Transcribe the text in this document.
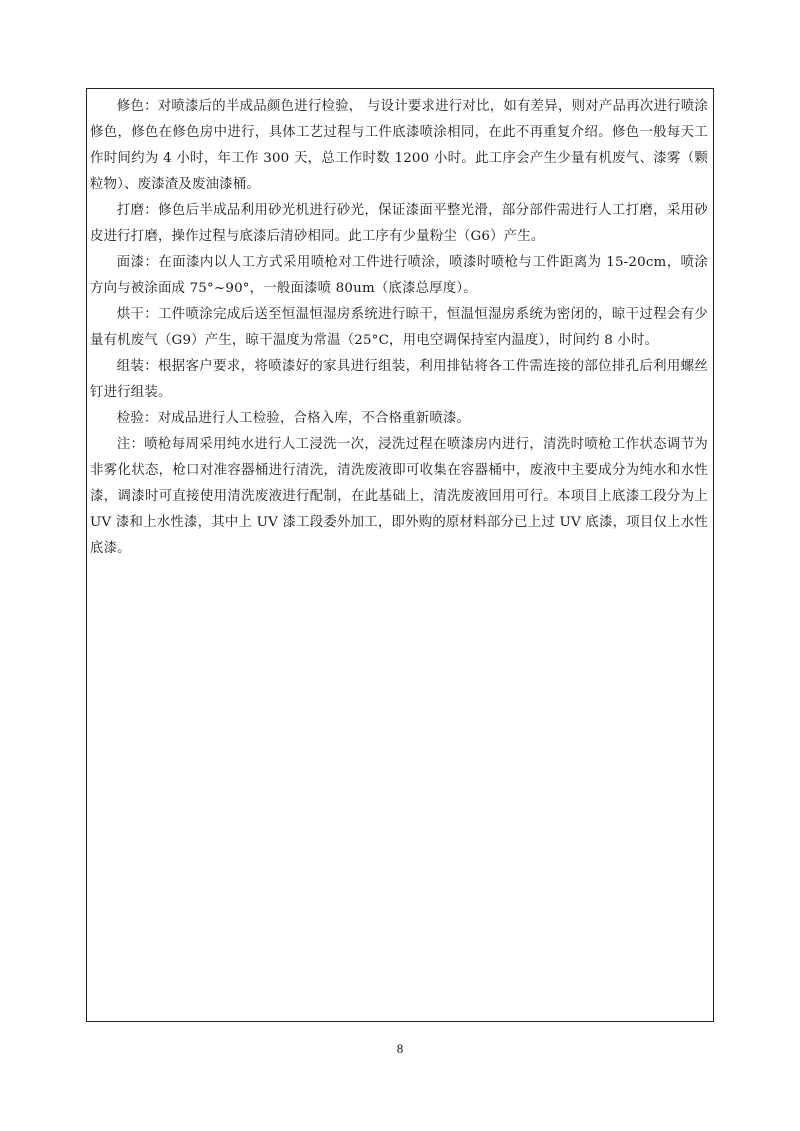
修色：对喷漆后的半成品颜色进行检验， 与设计要求进行对比，如有差异，则对产品再次进行喷涂修色，修色在修色房中进行，具体工艺过程与工件底漆喷涂相同，在此不再重复介绍。修色一般每天工作时间约为 4 小时，年工作 300 天，总工作时数 1200 小时。此工序会产生少量有机废气、漆雾（颗粒物）、废漆渣及废油漆桶。

打磨：修色后半成品利用砂光机进行砂光，保证漆面平整光滑，部分部件需进行人工打磨，采用砂皮进行打磨，操作过程与底漆后清砂相同。此工序有少量粉尘（G6）产生。

面漆：在面漆内以人工方式采用喷枪对工件进行喷涂，喷漆时喷枪与工件距离为 15-20cm，喷涂方向与被涂面成 75°~90°，一般面漆喷 80um（底漆总厚度）。

烘干：工件喷涂完成后送至恒温恒湿房系统进行晾干，恒温恒湿房系统为密闭的，晾干过程会有少量有机废气（G9）产生，晾干温度为常温（25°C，用电空调保持室内温度），时间约 8 小时。

组装：根据客户要求，将喷漆好的家具进行组装，利用排钻将各工件需连接的部位排孔后利用螺丝钉进行组装。

检验：对成品进行人工检验，合格入库，不合格重新喷漆。

注：喷枪每周采用纯水进行人工浸洗一次，浸洗过程在喷漆房内进行，清洗时喷枪工作状态调节为非雾化状态，枪口对准容器桶进行清洗，清洗废液即可收集在容器桶中，废液中主要成分为纯水和水性漆，调漆时可直接使用清洗废液进行配制，在此基础上，清洗废液回用可行。本项目上底漆工段分为上 UV 漆和上水性漆，其中上 UV 漆工段委外加工，即外购的原材料部分已上过 UV 底漆，项目仅上水性底漆。

8
